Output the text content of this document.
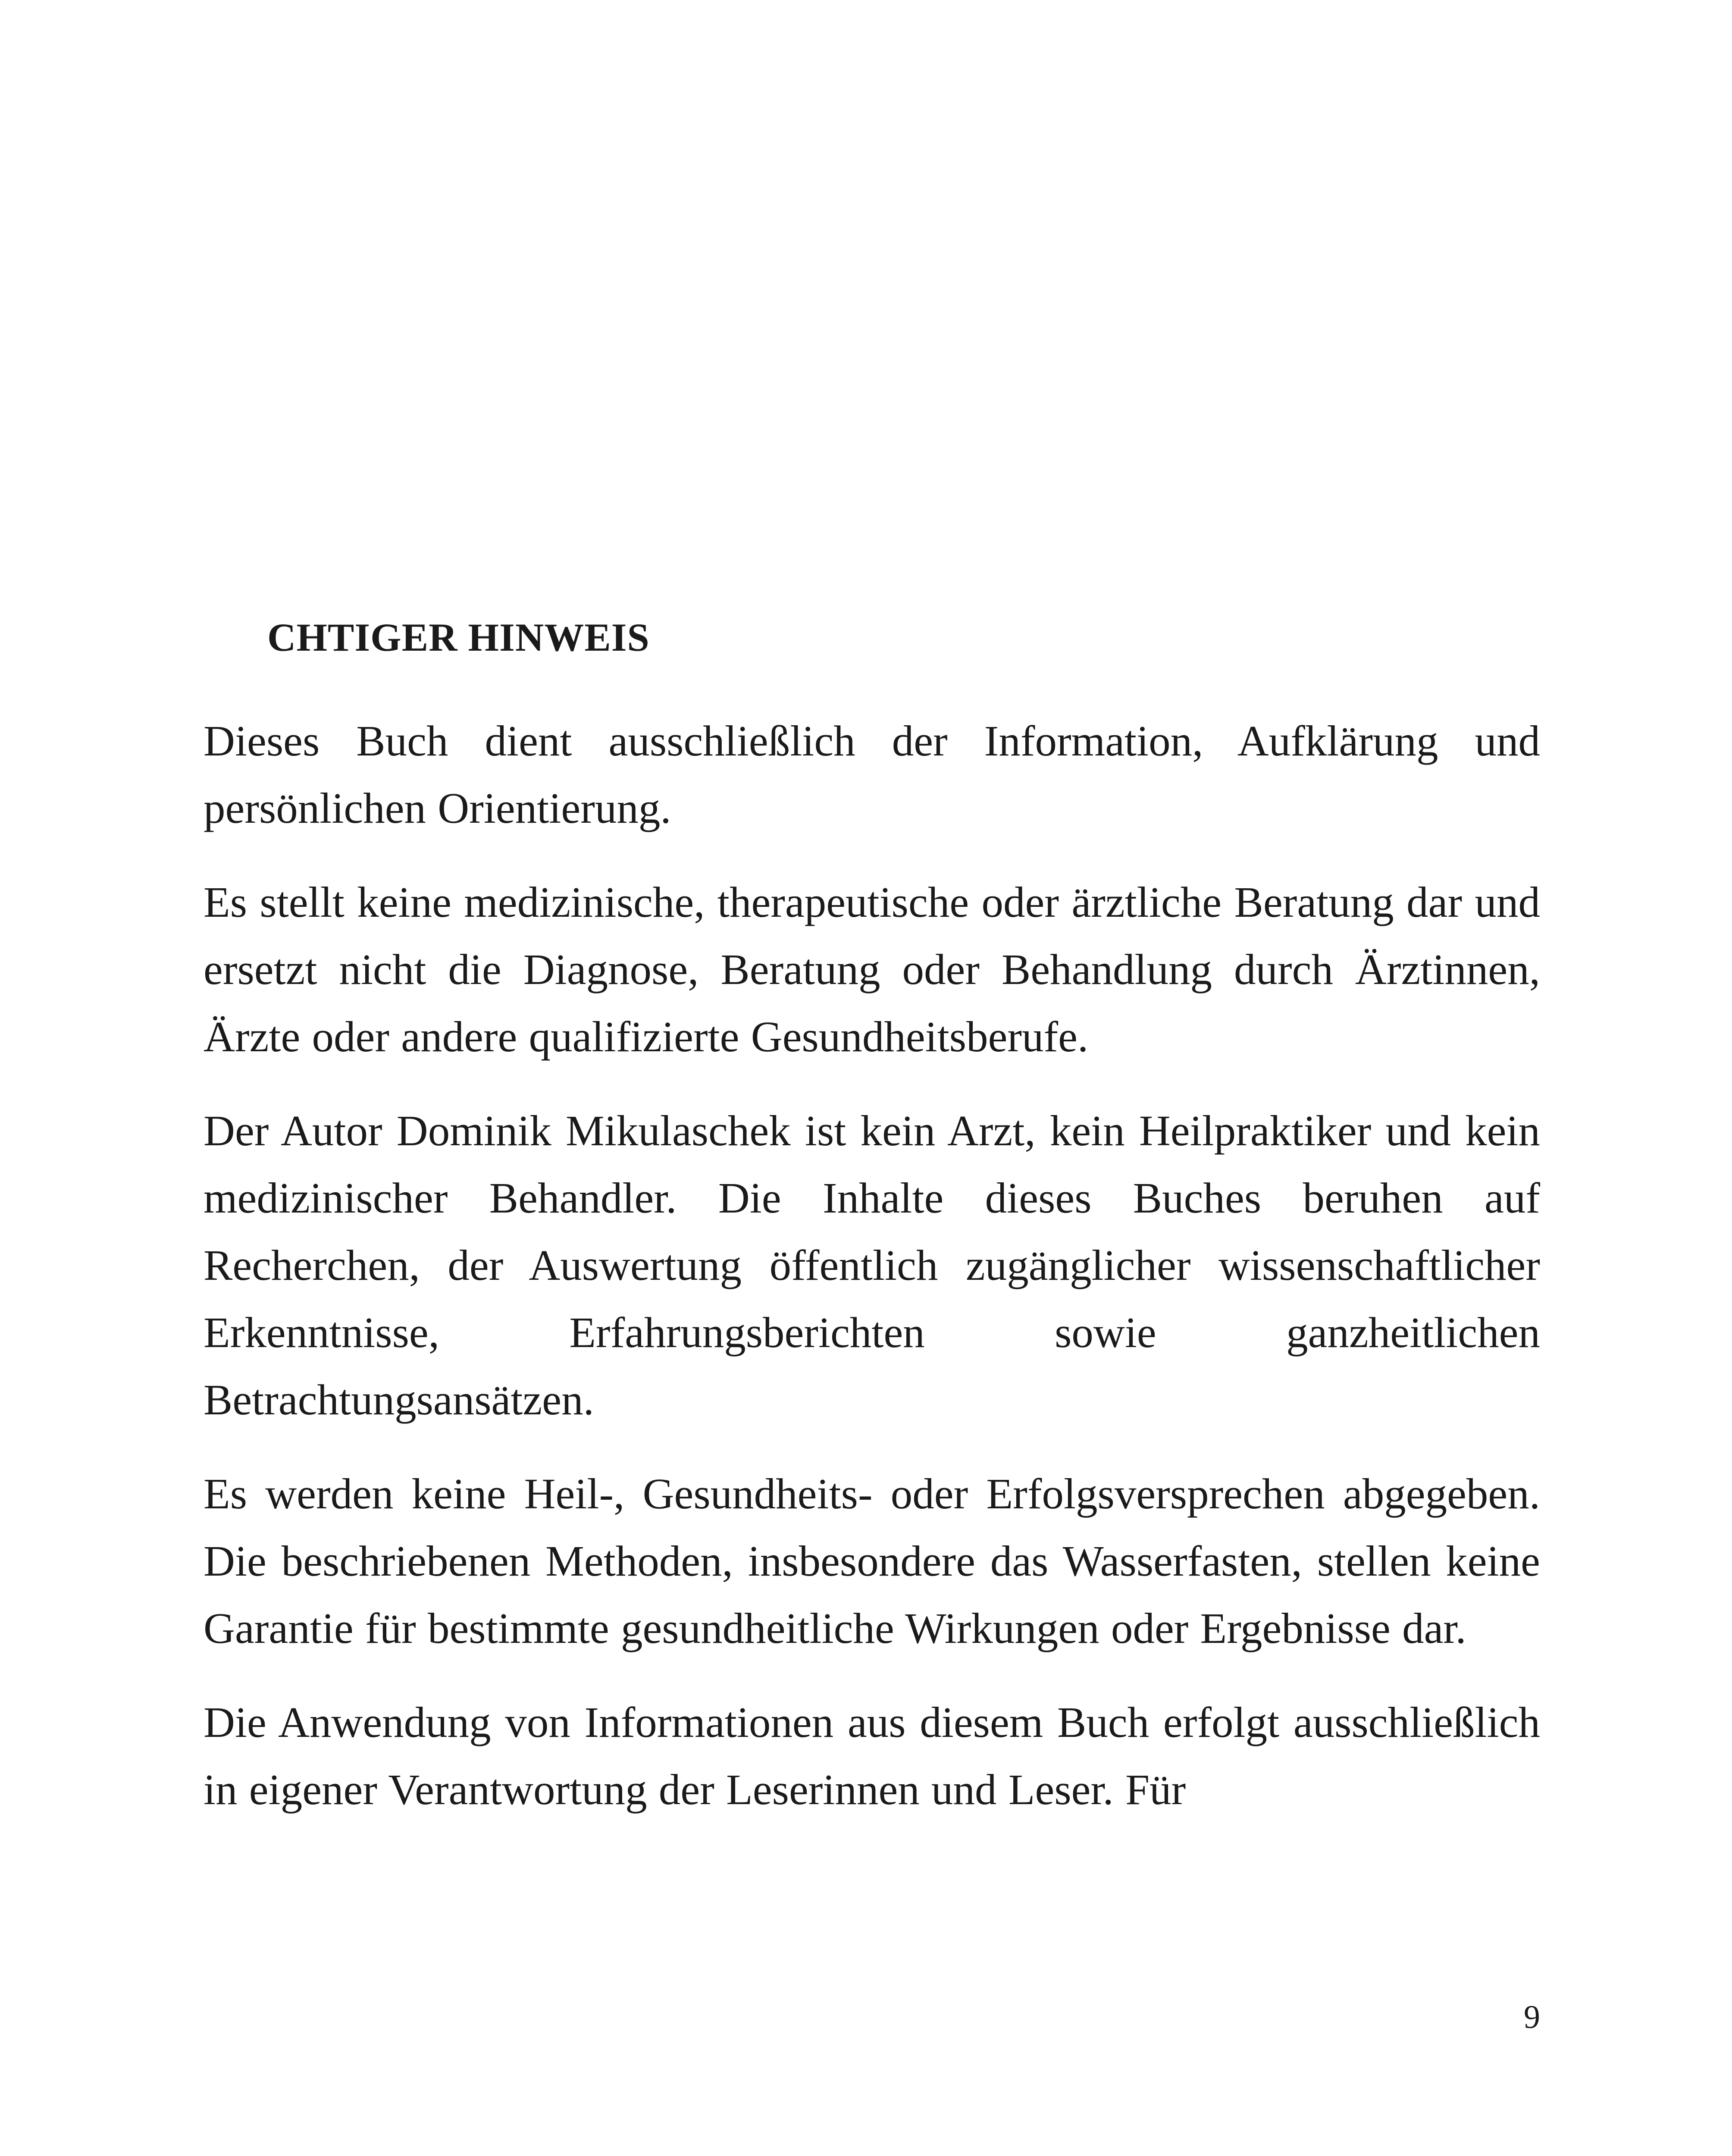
CHTIGER HINWEIS

Dieses Buch dient ausschließlich der Information, Aufklärung und persönlichen Orientierung.

Es stellt keine medizinische, therapeutische oder ärztliche Beratung dar und ersetzt nicht die Diagnose, Beratung oder Behandlung durch Ärztinnen, Ärzte oder andere qualifizierte Gesundheitsberufe.

Der Autor Dominik Mikulaschek ist kein Arzt, kein Heilpraktiker und kein medizinischer Behandler. Die Inhalte dieses Buches beruhen auf Recherchen, der Auswertung öffentlich zugänglicher wissenschaftlicher Erkenntnisse, Erfahrungsberichten sowie ganzheitlichen Betrachtungsansätzen.

Es werden keine Heil-, Gesundheits- oder Erfolgsversprechen abgegeben. Die beschriebenen Methoden, insbesondere das Wasserfasten, stellen keine Garantie für bestimmte gesundheitliche Wirkungen oder Ergebnisse dar.

Die Anwendung von Informationen aus diesem Buch erfolgt ausschließlich in eigener Verantwortung der Leserinnen und Leser. Für

9
